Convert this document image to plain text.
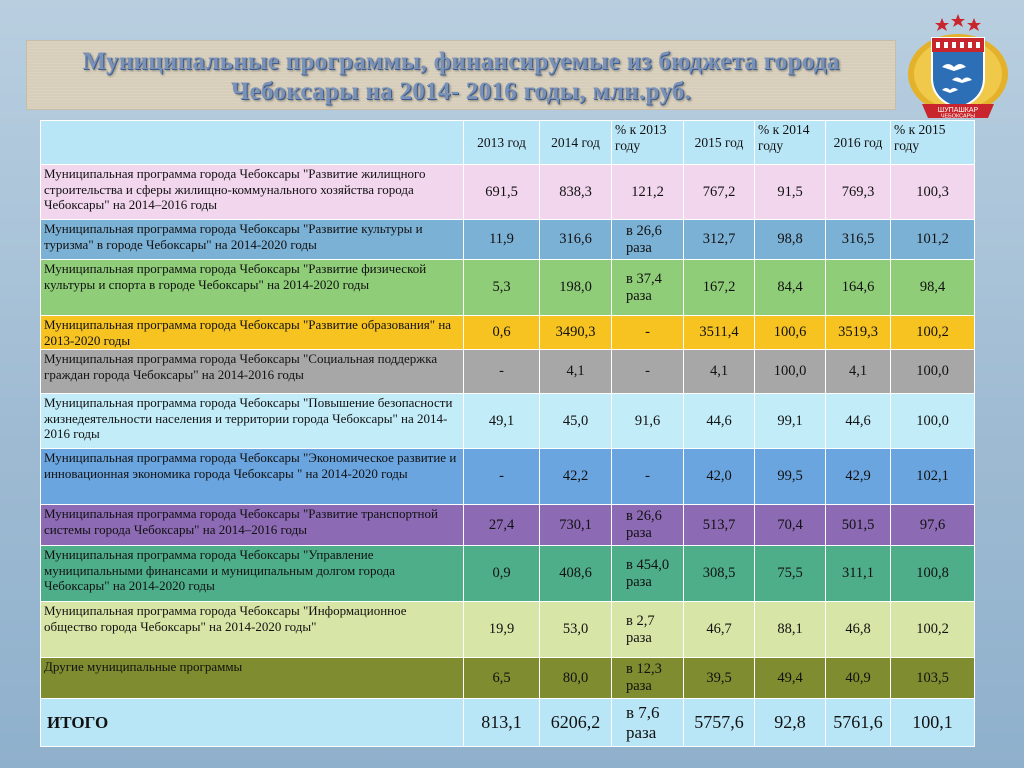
Муниципальные программы, финансируемые из бюджета города
Чебоксары на 2014- 2016 годы, млн.руб.
ШУПАШКАР
ЧЕБОКСАРЫ
	2013 год	2014 год	% к 2013 году	2015 год	% к 2014 году	2016 год	% к 2015 году
Муниципальная программа города Чебоксары "Развитие жилищного строительства и сферы жилищно-коммунального хозяйства города Чебоксары" на 2014–2016 годы	691,5	838,3	121,2	767,2	91,5	769,3	100,3
Муниципальная программа города Чебоксары "Развитие культуры и туризма" в городе Чебоксары" на 2014-2020 годы	11,9	316,6	в 26,6 раза	312,7	98,8	316,5	101,2
Муниципальная программа города Чебоксары "Развитие физической культуры и спорта в городе Чебоксары" на 2014-2020 годы	5,3	198,0	в 37,4 раза	167,2	84,4	164,6	98,4
Муниципальная программа города Чебоксары "Развитие образования" на 2013-2020 годы	0,6	3490,3	-	3511,4	100,6	3519,3	100,2
Муниципальная программа города Чебоксары "Социальная поддержка граждан города Чебоксары" на 2014-2016 годы	-	4,1	-	4,1	100,0	4,1	100,0
Муниципальная программа города Чебоксары "Повышение безопасности жизнедеятельности населения и территории города Чебоксары" на 2014-2016 годы	49,1	45,0	91,6	44,6	99,1	44,6	100,0
Муниципальная программа города Чебоксары "Экономическое развитие и инновационная экономика города Чебоксары " на 2014-2020 годы	-	42,2	-	42,0	99,5	42,9	102,1
Муниципальная программа города Чебоксары "Развитие транспортной системы города Чебоксары" на 2014–2016 годы	27,4	730,1	в 26,6 раза	513,7	70,4	501,5	97,6
Муниципальная программа города Чебоксары "Управление муниципальными финансами и муниципальным долгом города Чебоксары" на 2014-2020 годы	0,9	408,6	в 454,0 раза	308,5	75,5	311,1	100,8
Муниципальная программа города Чебоксары "Информационное общество города Чебоксары" на 2014-2020 годы"	19,9	53,0	в 2,7 раза	46,7	88,1	46,8	100,2
Другие муниципальные программы	6,5	80,0	в 12,3 раза	39,5	49,4	40,9	103,5
ИТОГО	813,1	6206,2	в 7,6 раза	5757,6	92,8	5761,6	100,1
